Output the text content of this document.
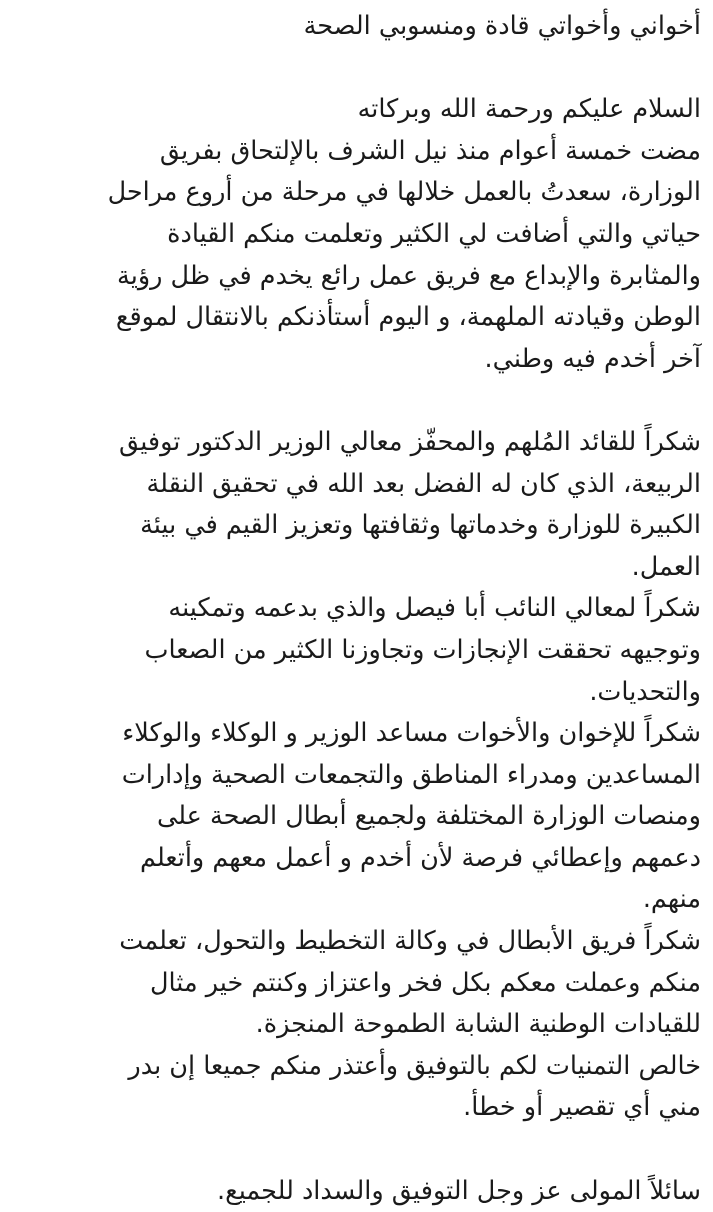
أخواني وأخواتي قادة ومنسوبي الصحة
السلام عليكم ورحمة الله وبركاته
مضت خمسة أعوام منذ نيل الشرف بالإلتحاق بفريق
الوزارة، سعدتُ بالعمل خلالها في مرحلة من أروع مراحل
حياتي والتي أضافت لي الكثير وتعلمت منكم القيادة
والمثابرة والإبداع مع فريق عمل رائع يخدم في ظل رؤية
الوطن وقيادته الملهمة، و اليوم أستأذنكم بالانتقال لموقع
آخر أخدم فيه وطني.
شكراً للقائد المُلهم والمحفّز معالي الوزير الدكتور توفيق
الربيعة، الذي كان له الفضل بعد الله في تحقيق النقلة
الكبيرة للوزارة وخدماتها وثقافتها وتعزيز القيم في بيئة
العمل.
شكراً لمعالي النائب أبا فيصل والذي بدعمه وتمكينه
وتوجيهه تحققت الإنجازات وتجاوزنا الكثير من الصعاب
والتحديات.
شكراً للإخوان والأخوات مساعد الوزير و الوكلاء والوكلاء
المساعدين ومدراء المناطق والتجمعات الصحية وإدارات
ومنصات الوزارة المختلفة ولجميع أبطال الصحة على
دعمهم وإعطائي فرصة لأن أخدم و أعمل معهم وأتعلم
منهم.
شكراً فريق الأبطال في وكالة التخطيط والتحول، تعلمت
منكم وعملت معكم بكل فخر واعتزاز وكنتم خير مثال
للقيادات الوطنية الشابة الطموحة المنجزة.
خالص التمنيات لكم بالتوفيق وأعتذر منكم جميعا إن بدر
مني أي تقصير أو خطأ.
سائلاً المولى عز وجل التوفيق والسداد للجميع.
